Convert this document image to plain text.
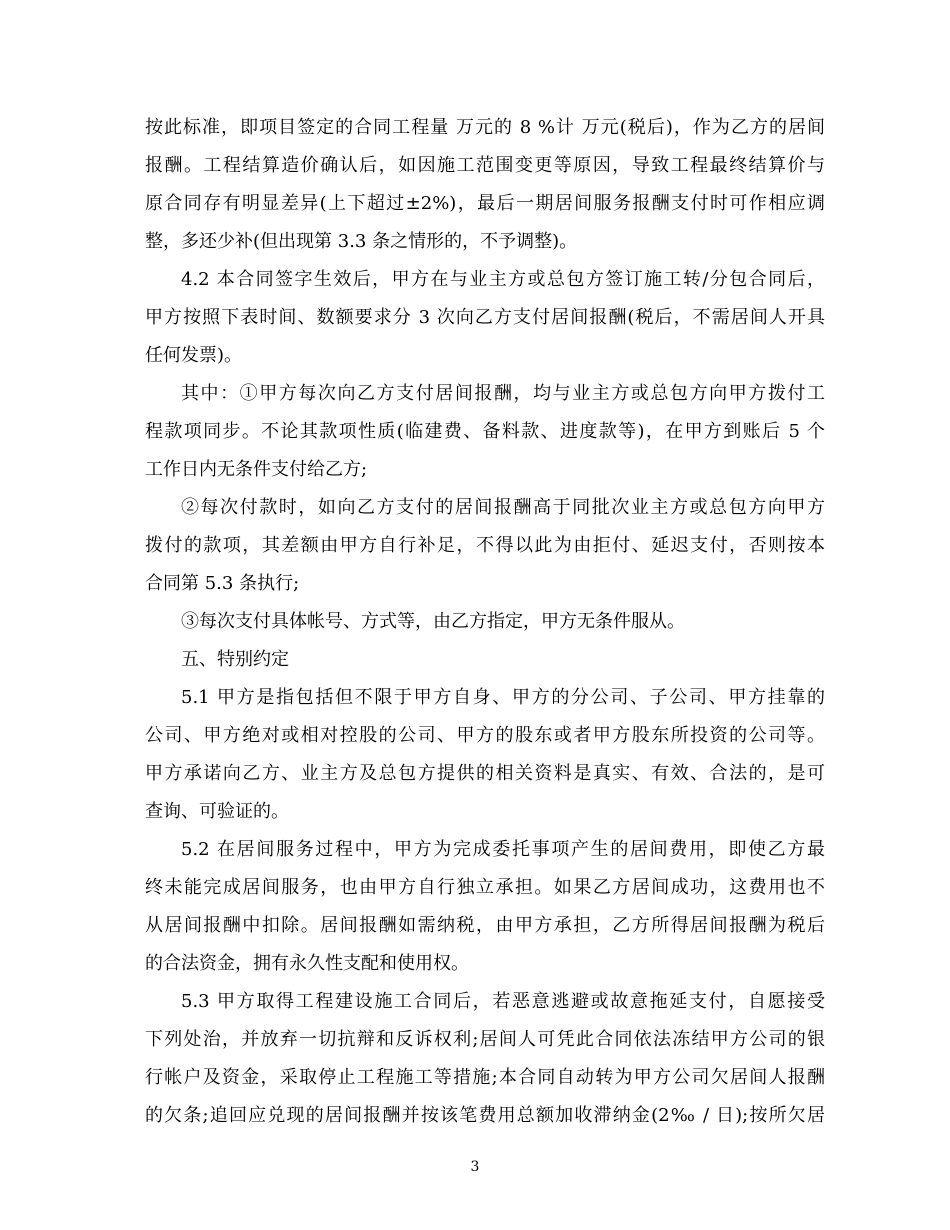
按此标准，即项目签定的合同工程量 万元的 8 %计 万元(税后)，作为乙方的居间
报酬。工程结算造价确认后，如因施工范围变更等原因，导致工程最终结算价与
原合同存有明显差异(上下超过±2%)，最后一期居间服务报酬支付时可作相应调
整，多还少补(但出现第 3.3 条之情形的，不予调整)。
4.2 本合同签字生效后，甲方在与业主方或总包方签订施工转/分包合同后，
甲方按照下表时间、数额要求分 3 次向乙方支付居间报酬(税后，不需居间人开具
任何发票)。
其中：①甲方每次向乙方支付居间报酬，均与业主方或总包方向甲方拨付工
程款项同步。不论其款项性质(临建费、备料款、进度款等)，在甲方到账后 5 个
工作日内无条件支付给乙方;
②每次付款时，如向乙方支付的居间报酬高于同批次业主方或总包方向甲方
拨付的款项，其差额由甲方自行补足，不得以此为由拒付、延迟支付，否则按本
合同第 5.3 条执行;
③每次支付具体帐号、方式等，由乙方指定，甲方无条件服从。
五、特别约定
5.1 甲方是指包括但不限于甲方自身、甲方的分公司、子公司、甲方挂靠的
公司、甲方绝对或相对控股的公司、甲方的股东或者甲方股东所投资的公司等。
甲方承诺向乙方、业主方及总包方提供的相关资料是真实、有效、合法的，是可
查询、可验证的。
5.2 在居间服务过程中，甲方为完成委托事项产生的居间费用，即使乙方最
终未能完成居间服务，也由甲方自行独立承担。如果乙方居间成功，这费用也不
从居间报酬中扣除。居间报酬如需纳税，由甲方承担，乙方所得居间报酬为税后
的合法资金，拥有永久性支配和使用权。
5.3 甲方取得工程建设施工合同后，若恶意逃避或故意拖延支付，自愿接受
下列处治，并放弃一切抗辩和反诉权利;居间人可凭此合同依法冻结甲方公司的银
行帐户及资金，采取停止工程施工等措施;本合同自动转为甲方公司欠居间人报酬
的欠条;追回应兑现的居间报酬并按该笔费用总额加收滞纳金(2‰ / 日);按所欠居
3
